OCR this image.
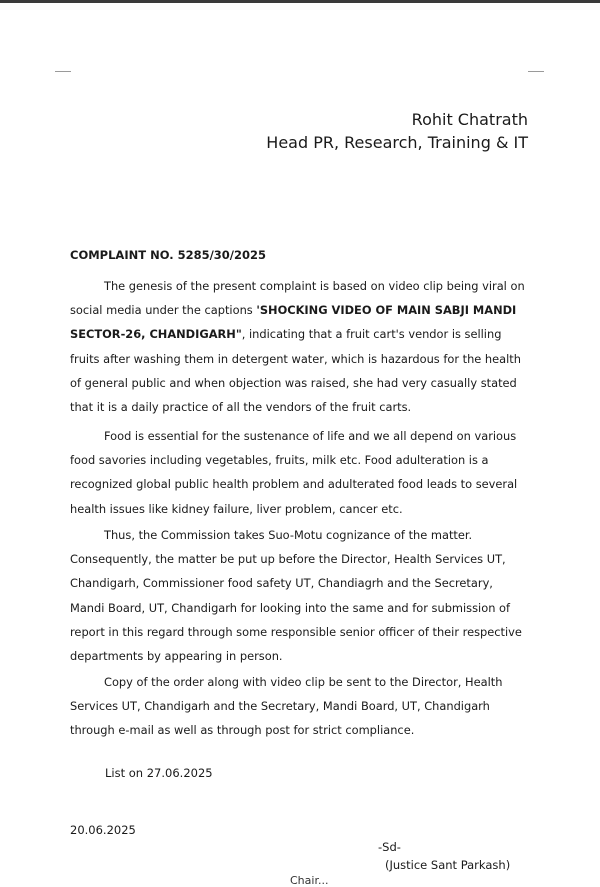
Rohit Chatrath
Head PR, Research, Training & IT
COMPLAINT NO. 5285/30/2025

The genesis of the present complaint is based on video clip being viral on social media under the captions 'SHOCKING VIDEO OF MAIN SABJI MANDI SECTOR-26, CHANDIGARH", indicating that a fruit cart's vendor is selling fruits after washing them in detergent water, which is hazardous for the health of general public and when objection was raised, she had very casually stated that it is a daily practice of all the vendors of the fruit carts.

Food is essential for the sustenance of life and we all depend on various food savories including vegetables, fruits, milk etc. Food adulteration is a recognized global public health problem and adulterated food leads to several health issues like kidney failure, liver problem, cancer etc.

Thus, the Commission takes Suo-Motu cognizance of the matter. Consequently, the matter be put up before the Director, Health Services UT, Chandigarh, Commissioner food safety UT, Chandiagrh and the Secretary, Mandi Board, UT, Chandigarh for looking into the same and for submission of report in this regard through some responsible senior officer of their respective departments by appearing in person.

Copy of the order along with video clip be sent to the Director, Health Services UT, Chandigarh and the Secretary, Mandi Board, UT, Chandigarh through e-mail as well as through post for strict compliance.

List on 27.06.2025
20.06.2025
-Sd-
(Justice Sant Parkash)
Chair...
